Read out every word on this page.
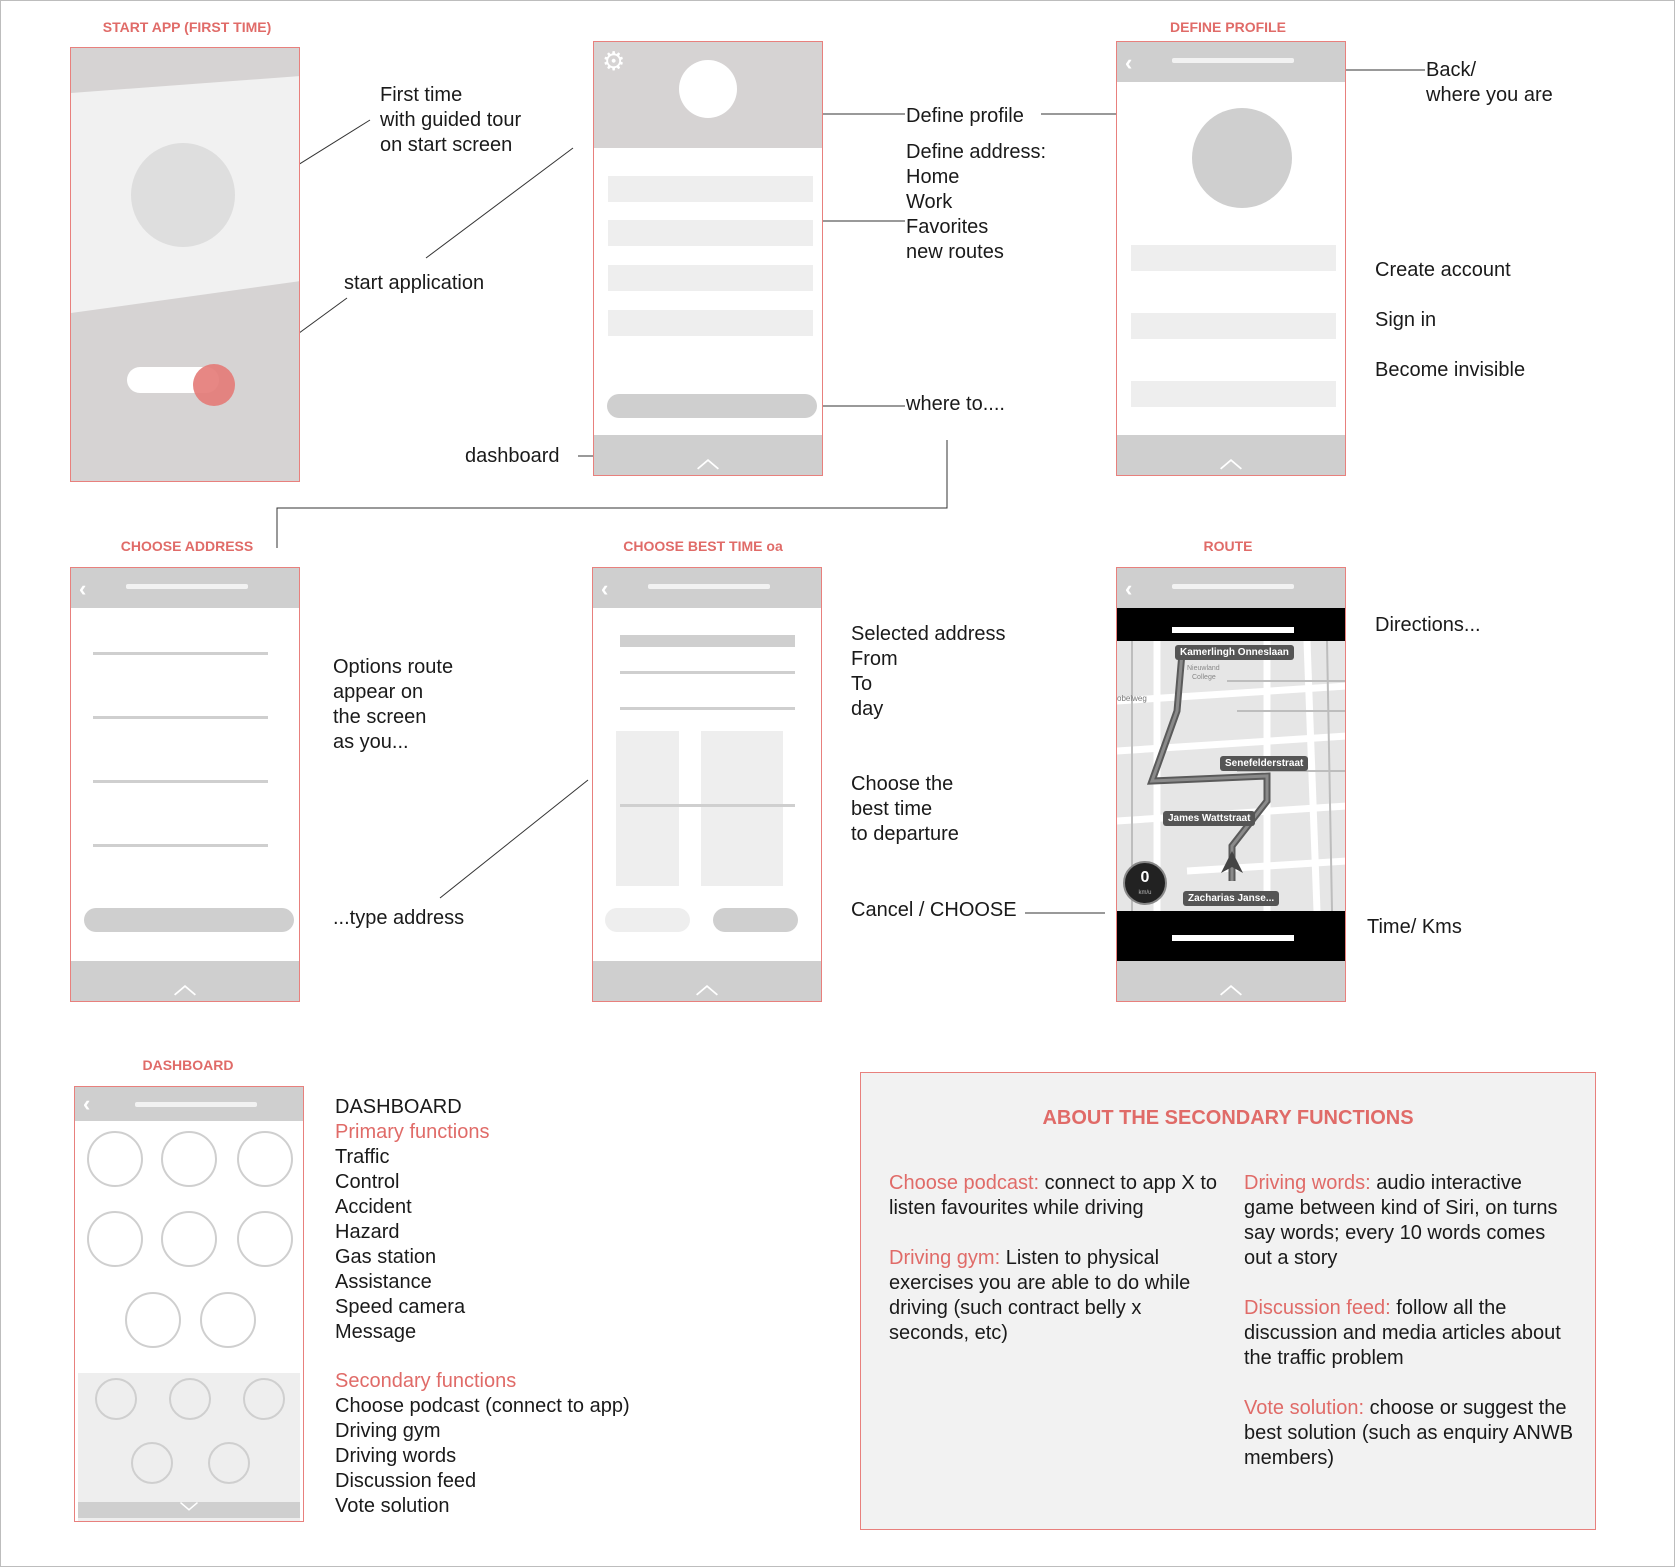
START APP (FIRST TIME)
First time
with guided tour
on start screen
start application
⚙
︿
Define profile
Define address:
Home
Work
Favorites
new routes
where to....
dashboard
DEFINE PROFILE
‹
︿
Back/
where you are
Create account
Sign in
Become invisible
CHOOSE ADDRESS
‹
︿
Options route
appear on
the screen
as you...
...type address
CHOOSE BEST TIME oa
‹
︿
Selected address
From
To
day
Choose the
best time
to departure
Cancel / CHOOSE
ROUTE
‹
Kamerlingh Onneslaan
Nieuwland
College
obelweg
Senefelderstraat
James Wattstraat
Zacharias Janse...
0
km/u
︿
Directions...
Time/ Kms
DASHBOARD
‹
﹀
DASHBOARD
Primary functions
Traffic
Control
Accident
Hazard
Gas station
Assistance
Speed camera
Message
Secondary functions
Choose podcast (connect to app)
Driving gym
Driving words
Discussion feed
Vote solution
ABOUT THE SECONDARY FUNCTIONS

Choose podcast: connect to app X to listen favourites while driving

Driving gym: Listen to physical exercises you are able to do while driving (such contract belly x seconds, etc)

Driving words: audio interactive game between kind of Siri, on turns say words; every 10 words comes out a story

Discussion feed: follow all the discussion and media articles about the traffic problem

Vote solution: choose or suggest the best solution (such as enquiry ANWB members)
